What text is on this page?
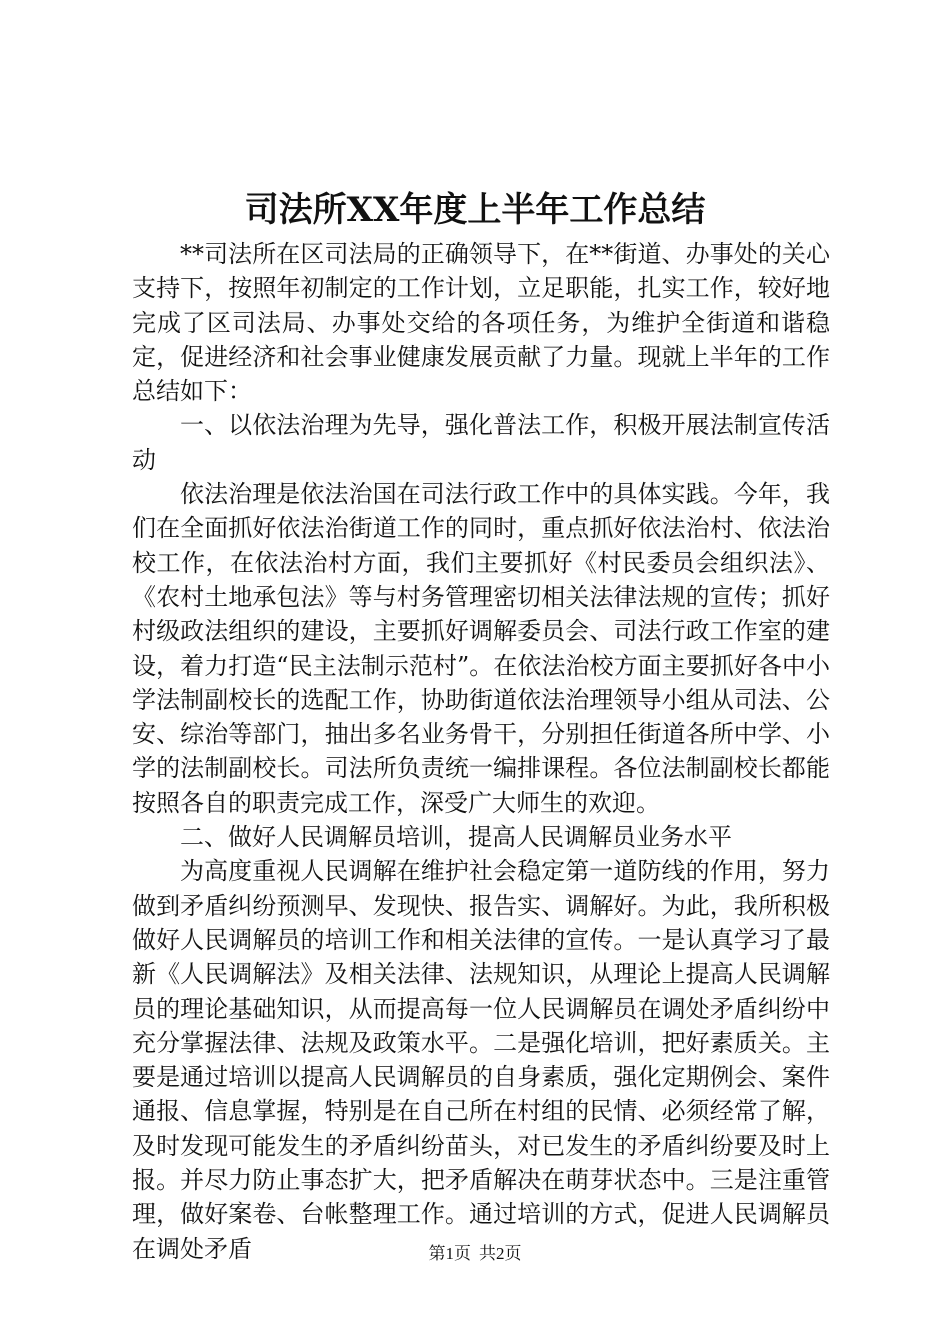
司法所XX年度上半年工作总结

**司法所在区司法局的正确领导下，在**街道、办事处的关心支持下，按照年初制定的工作计划，立足职能，扎实工作，较好地完成了区司法局、办事处交给的各项任务，为维护全街道和谐稳定，促进经济和社会事业健康发展贡献了力量。现就上半年的工作总结如下：

一、以依法治理为先导，强化普法工作，积极开展法制宣传活动

依法治理是依法治国在司法行政工作中的具体实践。今年，我们在全面抓好依法治街道工作的同时，重点抓好依法治村、依法治校工作，在依法治村方面，我们主要抓好《村民委员会组织法》、《农村土地承包法》等与村务管理密切相关法律法规的宣传；抓好村级政法组织的建设，主要抓好调解委员会、司法行政工作室的建设，着力打造“民主法制示范村”。在依法治校方面主要抓好各中小学法制副校长的选配工作，协助街道依法治理领导小组从司法、公安、综治等部门，抽出多名业务骨干，分别担任街道各所中学、小学的法制副校长。司法所负责统一编排课程。各位法制副校长都能按照各自的职责完成工作，深受广大师生的欢迎。

二、做好人民调解员培训，提高人民调解员业务水平

为高度重视人民调解在维护社会稳定第一道防线的作用，努力做到矛盾纠纷预测早、发现快、报告实、调解好。为此，我所积极做好人民调解员的培训工作和相关法律的宣传。一是认真学习了最新《人民调解法》及相关法律、法规知识，从理论上提高人民调解员的理论基础知识，从而提高每一位人民调解员在调处矛盾纠纷中充分掌握法律、法规及政策水平。二是强化培训，把好素质关。主要是通过培训以提高人民调解员的自身素质，强化定期例会、案件通报、信息掌握，特别是在自己所在村组的民情、必须经常了解，及时发现可能发生的矛盾纠纷苗头，对已发生的矛盾纠纷要及时上报。并尽力防止事态扩大，把矛盾解决在萌芽状态中。三是注重管理，做好案卷、台帐整理工作。通过培训的方式，促进人民调解员在调处矛盾	第1页 共2页
